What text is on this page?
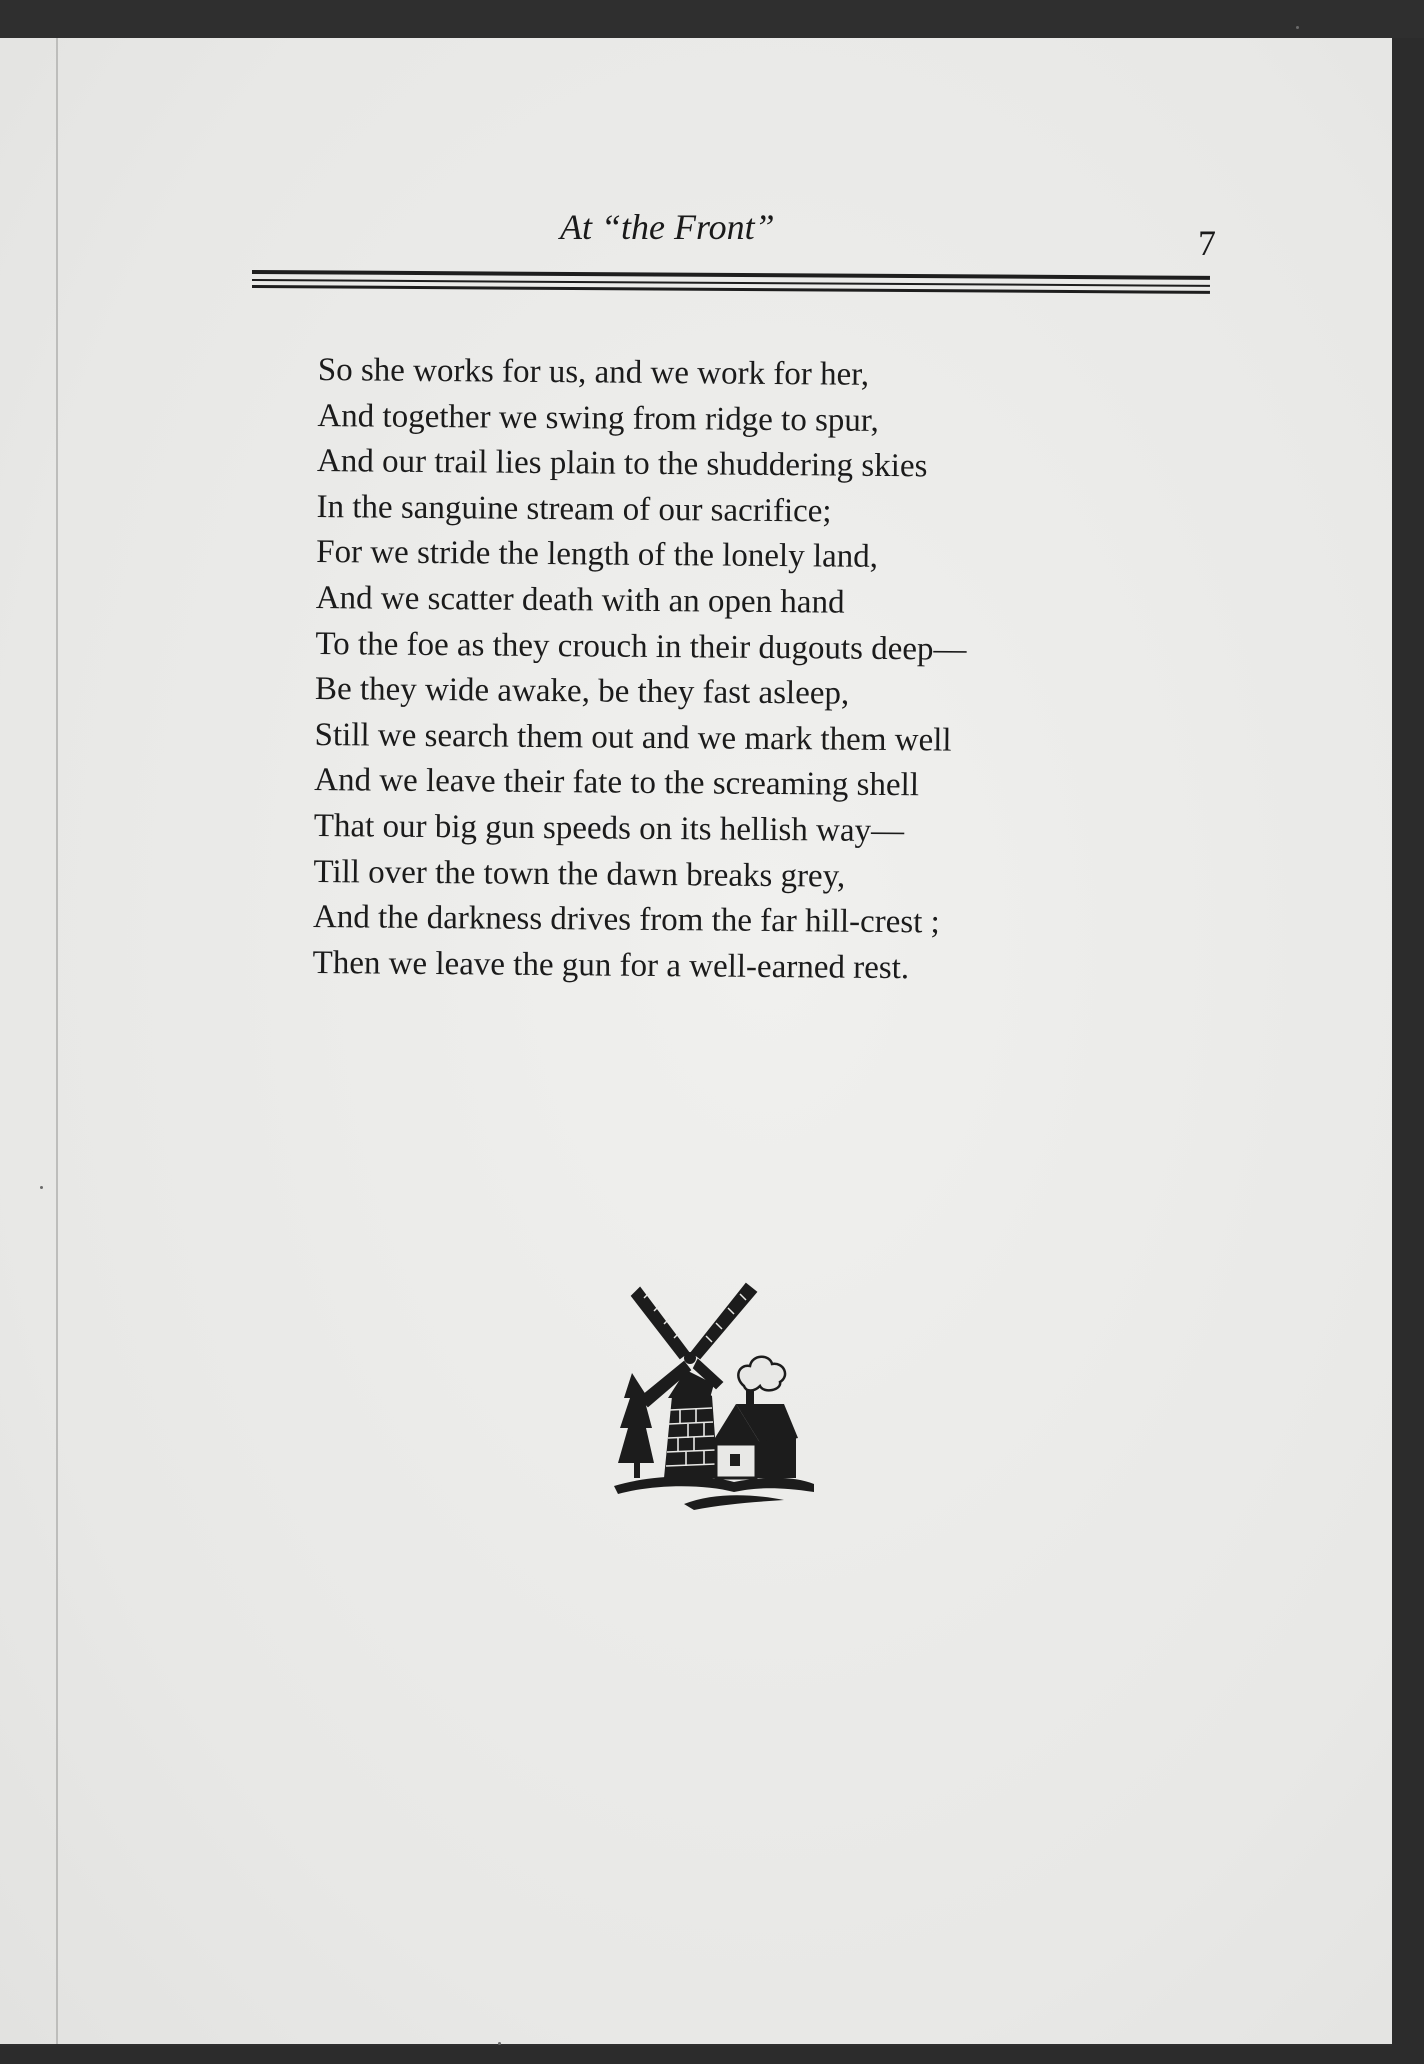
At “the Front”	7
So she works for us, and we work for her,
And together we swing from ridge to spur,
And our trail lies plain to the shuddering skies
In the sanguine stream of our sacrifice;
For we stride the length of the lonely land,
And we scatter death with an open hand
To the foe as they crouch in their dugouts deep—
Be they wide awake, be they fast asleep,
Still we search them out and we mark them well
And we leave their fate to the screaming shell
That our big gun speeds on its hellish way—
Till over the town the dawn breaks grey,
And the darkness drives from the far hill-crest ;
Then we leave the gun for a well-earned rest.
